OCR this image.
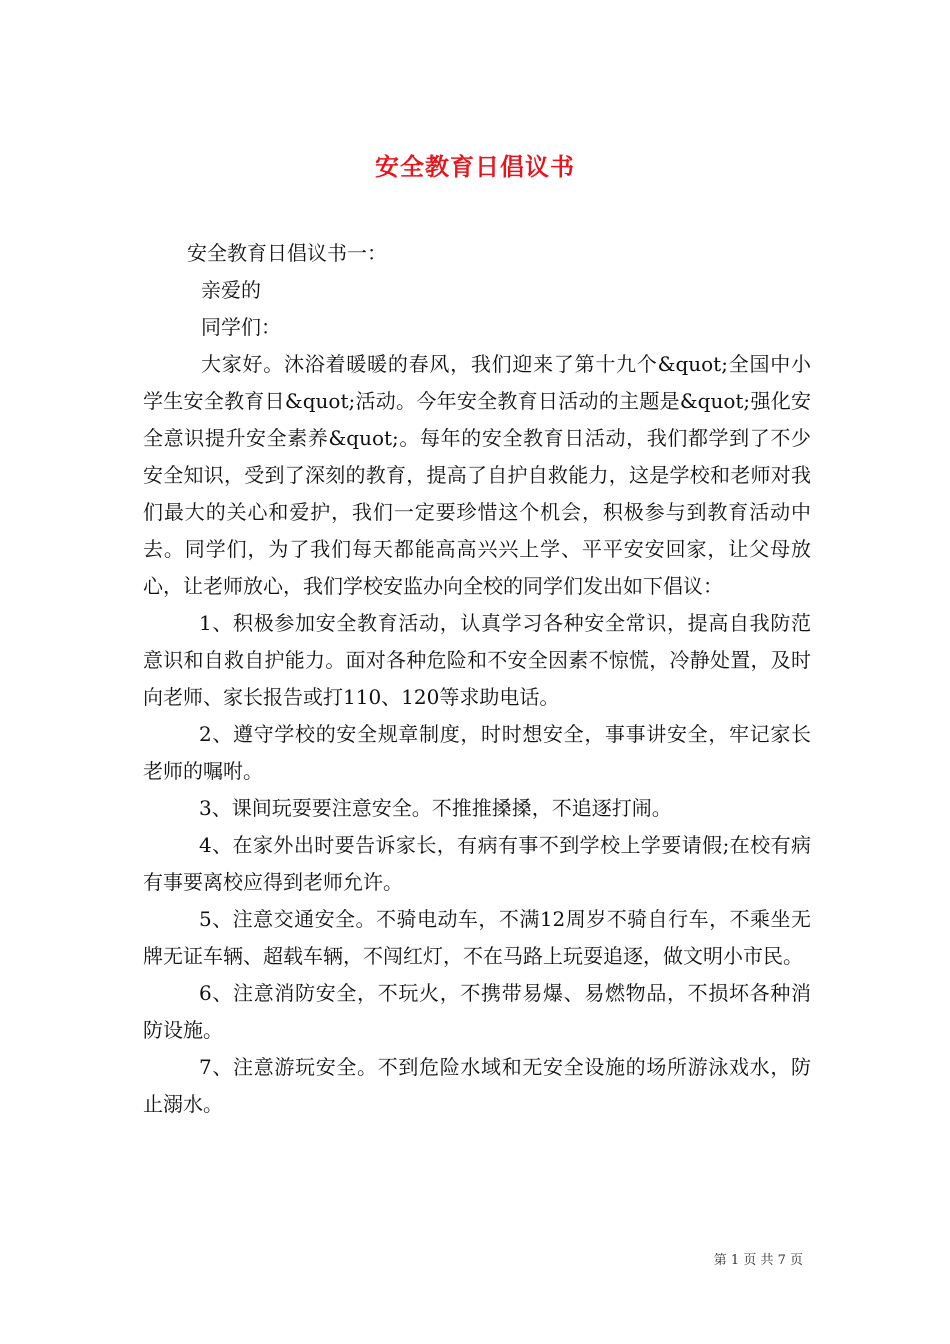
安全教育日倡议书

安全教育日倡议书一：

亲爱的

同学们：

大家好。沐浴着暖暖的春风，我们迎来了第十九个&quot;全国中小学生安全教育日&quot;活动。今年安全教育日活动的主题是&quot;强化安全意识提升安全素养&quot;。每年的安全教育日活动，我们都学到了不少安全知识，受到了深刻的教育，提高了自护自救能力，这是学校和老师对我们最大的关心和爱护，我们一定要珍惜这个机会，积极参与到教育活动中去。同学们，为了我们每天都能高高兴兴上学、平平安安回家，让父母放心，让老师放心，我们学校安监办向全校的同学们发出如下倡议：

1、积极参加安全教育活动，认真学习各种安全常识，提高自我防范意识和自救自护能力。面对各种危险和不安全因素不惊慌，冷静处置，及时向老师、家长报告或打110、120等求助电话。

2、遵守学校的安全规章制度，时时想安全，事事讲安全，牢记家长老师的嘱咐。

3、课间玩耍要注意安全。不推推搡搡，不追逐打闹。

4、在家外出时要告诉家长，有病有事不到学校上学要请假;在校有病有事要离校应得到老师允许。

5、注意交通安全。不骑电动车，不满12周岁不骑自行车，不乘坐无牌无证车辆、超载车辆，不闯红灯，不在马路上玩耍追逐，做文明小市民。

6、注意消防安全，不玩火，不携带易爆、易燃物品，不损坏各种消防设施。

7、注意游玩安全。不到危险水域和无安全设施的场所游泳戏水，防止溺水。

第 1 页 共 7 页
